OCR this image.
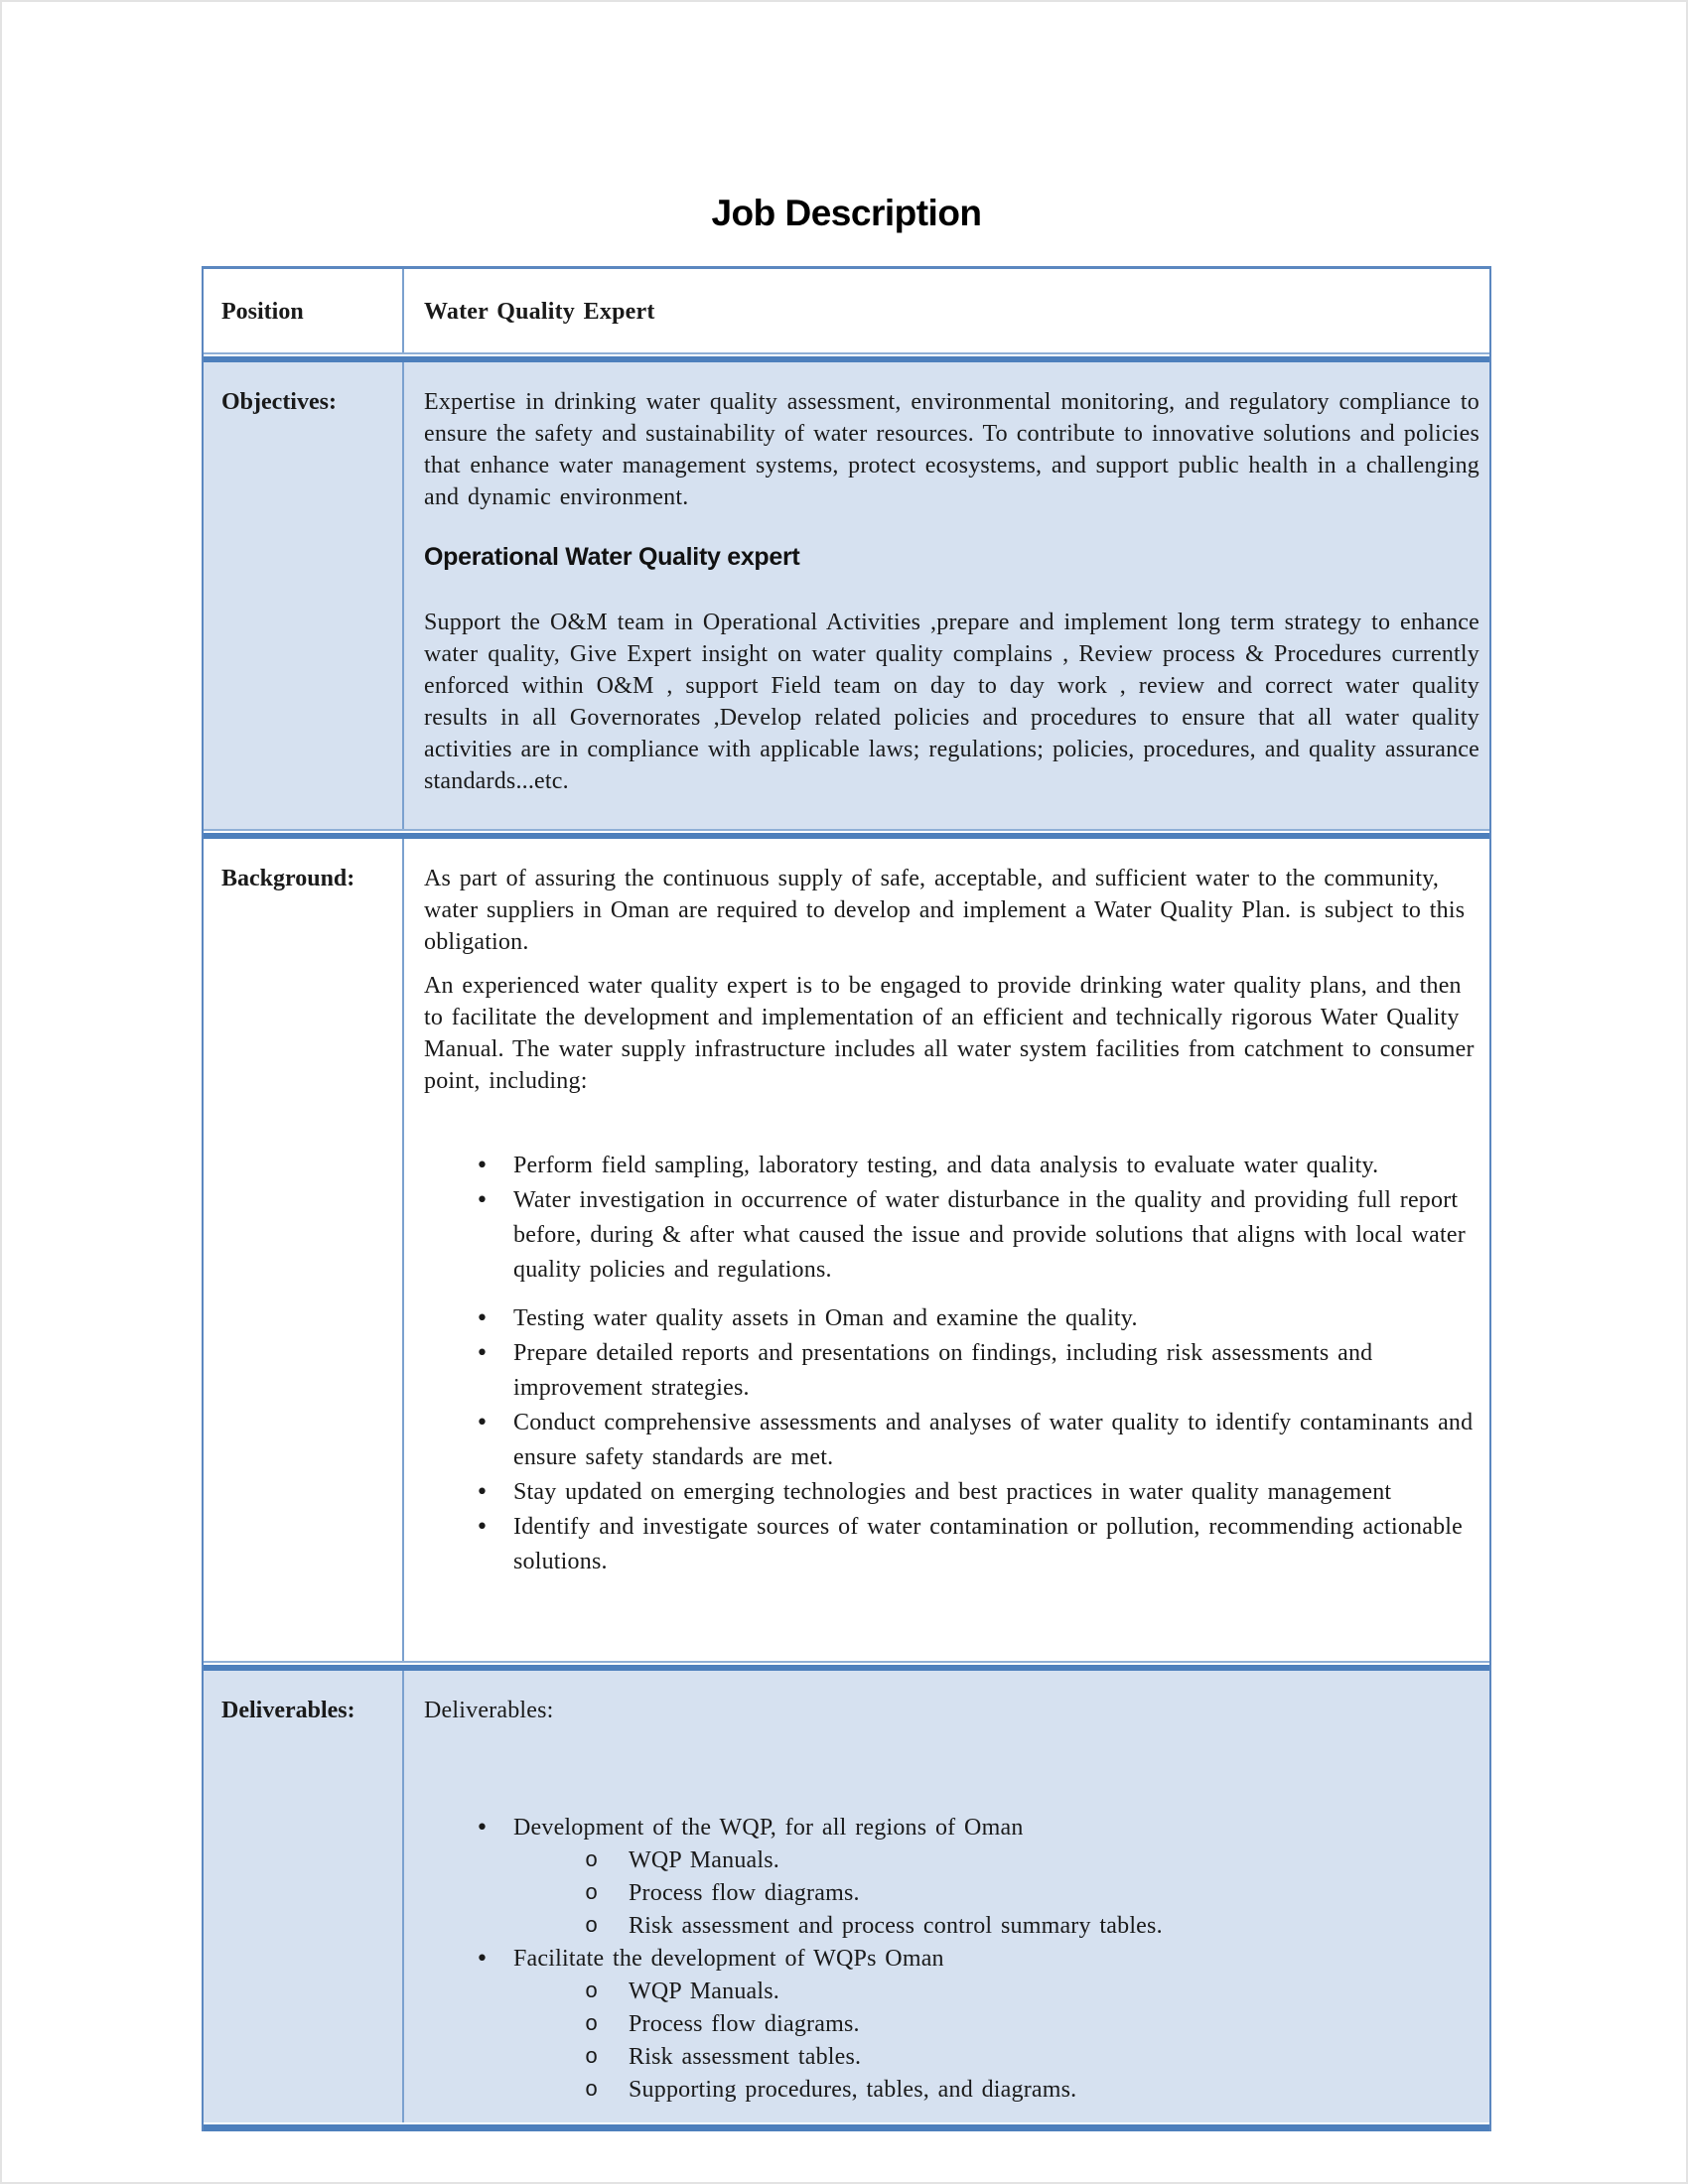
Job Description
Position	Water Quality Expert
Objectives:	Expertise in drinking water quality assessment, environmental monitoring, and regulatory compliance to ensure the safety and sustainability of water resources. To contribute to innovative solutions and policies that enhance water management systems, protect ecosystems, and support public health in a challenging and dynamic environment.

Operational Water Quality expert

Support the O&M team in Operational Activities ,prepare and implement long term strategy to enhance water quality, Give Expert insight on water quality complains , Review process & Procedures currently enforced within O&M , support Field team on day to day work , review and correct water quality results in all Governorates ,Develop related policies and procedures to ensure that all water quality activities are in compliance with applicable laws; regulations; policies, procedures, and quality assurance standards...etc.

Background:	As part of assuring the continuous supply of safe, acceptable, and sufficient water to the community, water suppliers in Oman are required to develop and implement a Water Quality Plan. is subject to this obligation.

An experienced water quality expert is to be engaged to provide drinking water quality plans, and then to facilitate the development and implementation of an efficient and technically rigorous Water Quality Manual. The water supply infrastructure includes all water system facilities from catchment to consumer point, including:

• Perform field sampling, laboratory testing, and data analysis to evaluate water quality.
• Water investigation in occurrence of water disturbance in the quality and providing full report before, during & after what caused the issue and provide solutions that aligns with local water quality policies and regulations.
• Testing water quality assets in Oman and examine the quality.
• Prepare detailed reports and presentations on findings, including risk assessments and improvement strategies.
• Conduct comprehensive assessments and analyses of water quality to identify contaminants and ensure safety standards are met.
• Stay updated on emerging technologies and best practices in water quality management
• Identify and investigate sources of water contamination or pollution, recommending actionable solutions.
Deliverables:	Deliverables:

• Development of the WQP, for all regions of Oman
o WQP Manuals.
o Process flow diagrams.
o Risk assessment and process control summary tables.
• Facilitate the development of WQPs Oman
o WQP Manuals.
o Process flow diagrams.
o Risk assessment tables.
o Supporting procedures, tables, and diagrams.
